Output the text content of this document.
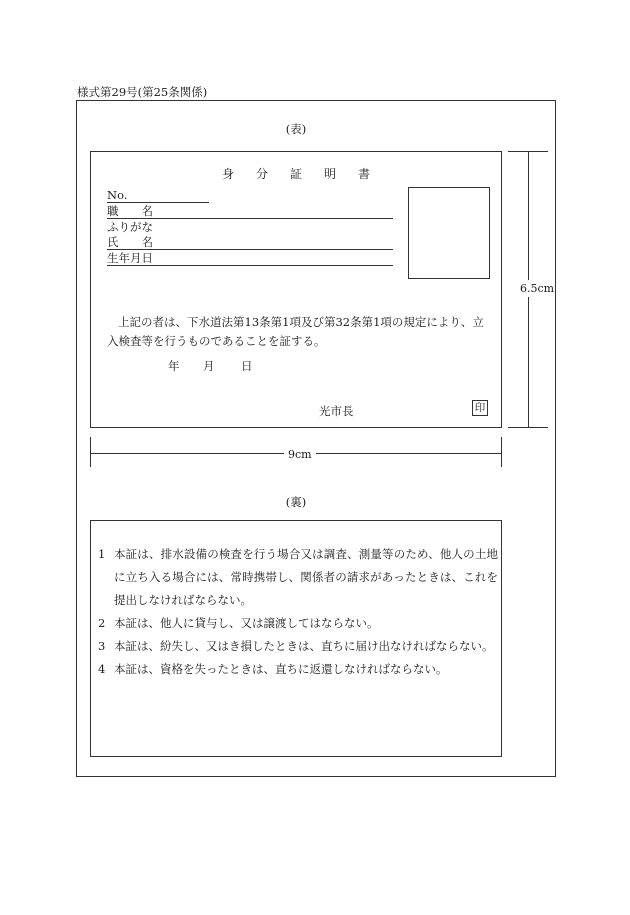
様式第29号(第25条関係)
(表)
身 分 証 明 書
No.
職　　名
ふりがな
氏　　名
生年月日
上記の者は、下水道法第13条第1項及び第32条第1項の規定により、立入検査等を行うものであることを証する。
年 月 日
光市長	印
6.5cm
9cm
(裏)
1 本証は、排水設備の検査を行う場合又は調査、測量等のため、他人の土地に立ち入る場合には、常時携帯し、関係者の請求があったときは、これを提出しなければならない。
2 本証は、他人に貸与し、又は譲渡してはならない。
3 本証は、紛失し、又はき損したときは、直ちに届け出なければならない。
4 本証は、資格を失ったときは、直ちに返還しなければならない。
